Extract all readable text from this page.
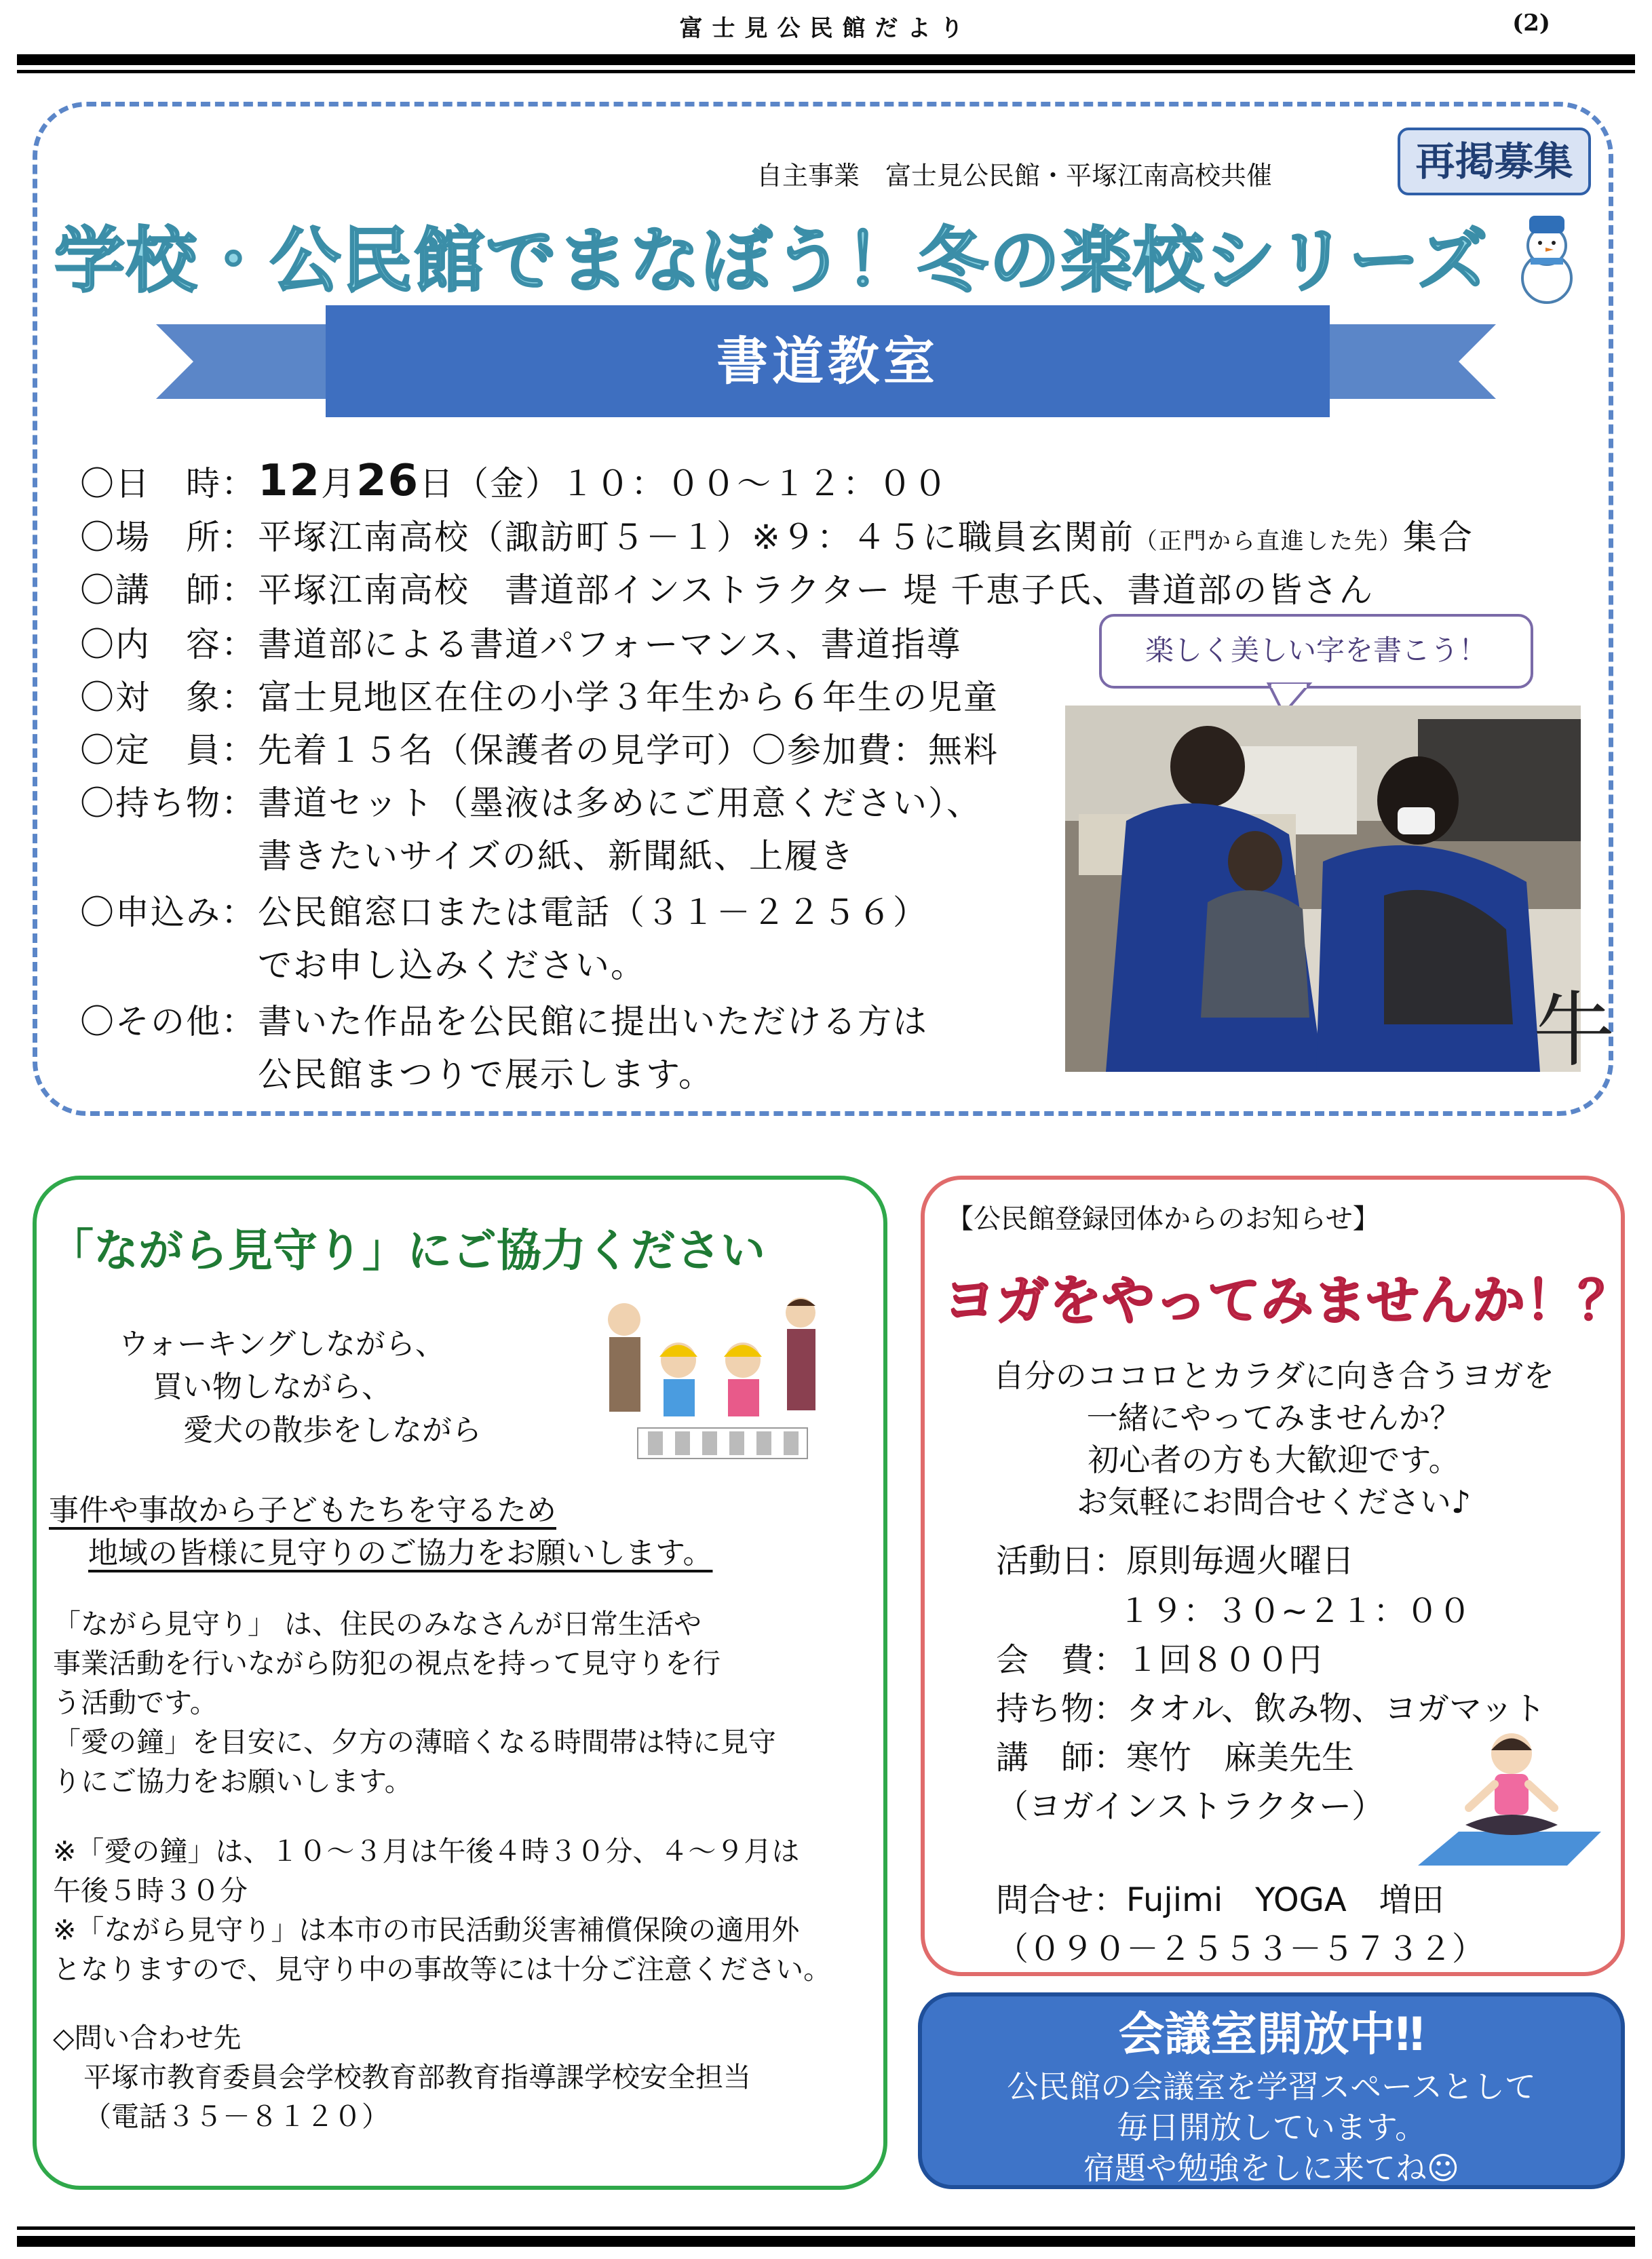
富士見公民館だより	(2)
自主事業　富士見公民館・平塚江南高校共催	再掲募集
学校・公民館でまなぼう！冬の楽校シリーズ
書道教室
〇日　時：12月26日（金）１０：００～１２：００
〇場　所：平塚江南高校（諏訪町５－１）※９：４５に職員玄関前（正門から直進した先）集合
〇講　師：平塚江南高校　書道部インストラクター 堤 千恵子氏、書道部の皆さん
〇内　容：書道部による書道パフォーマンス、書道指導
〇対　象：富士見地区在住の小学３年生から６年生の児童
〇定　員：先着１５名（保護者の見学可）〇参加費：無料
〇持ち物：書道セット（墨液は多めにご用意ください）、
書きたいサイズの紙、新聞紙、上履き
〇申込み：公民館窓口または電話（３１－２２５６）
でお申し込みください。
〇その他：書いた作品を公民館に提出いただける方は
公民館まつりで展示します。
楽しく美しい字を書こう！
牛
「ながら見守り」にご協力ください
ウォーキングしながら、
買い物しながら、
愛犬の散歩をしながら
事件や事故から子どもたちを守るため
地域の皆様に見守りのご協力をお願いします。
「ながら見守り」 は、住民のみなさんが日常生活や
事業活動を行いながら防犯の視点を持って見守りを行
う活動です。
「愛の鐘」を目安に、夕方の薄暗くなる時間帯は特に見守
りにご協力をお願いします。
※「愛の鐘」は、１０～３月は午後４時３０分、４～９月は
午後５時３０分
※「ながら見守り」は本市の市民活動災害補償保険の適用外
となりますので、見守り中の事故等には十分ご注意ください。
◇問い合わせ先
平塚市教育委員会学校教育部教育指導課学校安全担当
（電話３５－８１２０）
【公民館登録団体からのお知らせ】
ヨガをやってみませんか！？
自分のココロとカラダに向き合うヨガを
一緒にやってみませんか？
初心者の方も大歓迎です。
お気軽にお問合せください♪
活動日：原則毎週火曜日
　１９：３０~２１：００
会　費：１回８００円
持ち物：タオル、飲み物、ヨガマット
講　師：寒竹　麻美先生
（ヨガインストラクター）
問合せ：Fujimi　YOGA　増田
（０９０－２５５３－５７３２）
会議室開放中‼
公民館の会議室を学習スペースとして
毎日開放しています。
宿題や勉強をしに来てね☺
